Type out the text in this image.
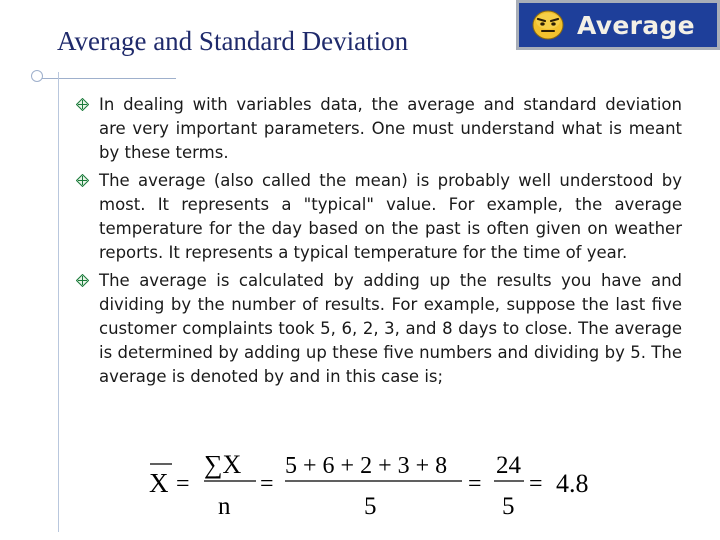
Average and Standard Deviation
Average
In dealing with variables data, the average and standard deviation are very important parameters. One must understand what is meant by these terms.
The average (also called the mean) is probably well understood by most. It represents a "typical" value. For example, the average temperature for the day based on the past is often given on weather reports. It represents a typical temperature for the time of year.
The average is calculated by adding up the results you have and dividing by the number of results. For example, suppose the last five customer complaints took 5, 6, 2, 3, and 8 days to close. The average is determined by adding up these five numbers and dividing by 5. The average is denoted by and in this case is;
X =
∑X
n
=
5 + 6 + 2 + 3 + 8
5
=
24
5
= 4.8
